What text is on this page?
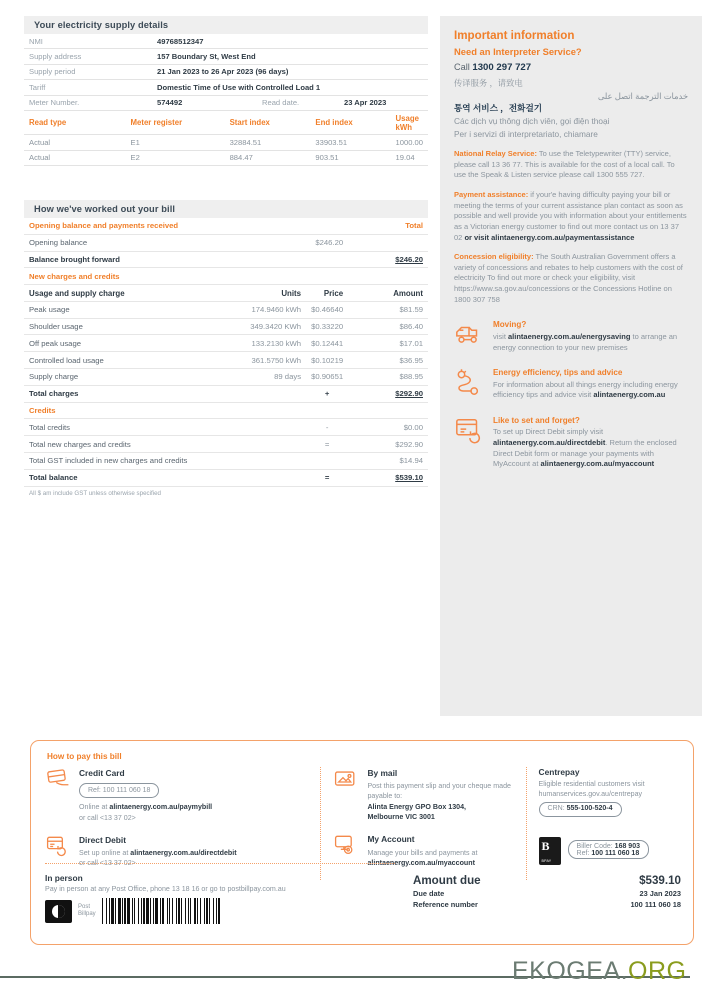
Your electricity supply details
NMI	49768512347		
Supply address	157 Boundary St, West End		
Supply period	21 Jan 2023 to 26 Apr 2023 (96 days)		
Tariff	Domestic Time of Use with Controlled Load 1		
Meter Number.	574492	Read date.	23 Apr 2023
Read type	Meter register	Start index	End index	Usage kWh
Actual	E1	32884.51	33903.51	1000.00
Actual	E2	884.47	903.51	19.04
How we've worked out your bill
Opening balance and payments received			Total
Opening balance		$246.20	
Balance brought forward			$246.20
New charges and credits			
Usage and supply charge	Units	Price	Amount
Peak usage	174.9460 kWh	$0.46640	$81.59
Shoulder usage	349.3420 KWh	$0.33220	$86.40
Off peak usage	133.2130 kWh	$0.12441	$17.01
Controlled load usage	361.5750 kWh	$0.10219	$36.95
Supply charge	89 days	$0.90651	$88.95
Total charges		+	$292.90
Credits			
Total credits		-	$0.00
Total new charges and credits		=	$292.90
Total GST included in new charges and credits			$14.94
Total balance		=	$539.10
All $ am include GST unless otherwise specified
Important information
Need an Interpreter Service?
Call 1300 297 727
传译服务 ，请致电
خدمات الترجمة اتصل على
통역 서비스 ，전화걸기
Các dịch vụ thông dịch viên, gọi điện thoại
Per i servizi di interpretariato, chiamare
National Relay Service: To use the Teletypewriter (TTY) service, please call 13 36 77. This is available for the cost of a local call. To use the Speak & Listen service please call 1300 555 727.
Payment assistance: if your'e having difficulty paying your bill or meeting the terms of your current assistance plan contact as soon as possible and well provide you with information about your entitlements as a Victorian energy customer to find out more contact us on 13 37 02 or visit alintaenergy.com.au/paymentassistance
Concession eligibility: The South Australian Government offers a variety of concessions and rebates to help customers with the cost of electricity To find out more or check your eligibility, visit https://www.sa.gov.au/concessions or the Concessions Hotline on 1800 307 758
Moving?
visit alintaenergy.com.au/energysaving to arrange an energy connection to your new premises
Energy efficiency, tips and advice
For information about all things energy including energy efficiency tips and advice visit alintaenergy.com.au
Like to set and forget?
To set up Direct Debit simply visit alintaenergy.com.au/directdebit. Return the enclosed Direct Debit form or manage your payments with MyAccount at alintaenergy.com.au/myaccount
How to pay this bill
Credit Card
Ref: 100 111 060 18
Online at alintaenergy.com.au/paymybill
or call <13 37 02>
Direct Debit
Set up online at alintaenergy.com.au/directdebit
or call <13 37 02>
By mail
Post this payment slip and your cheque made payable to:
Alinta Energy GPO Box 1304,
Melbourne VIC 3001
My Account
Manage your bills and payments at
alintaenergy.com.au/myaccount
Centrepay
Eligible residential customers visit
humanservices.gov.au/centrepay
CRN: 555-100-520-4
B
BPAY
Biller Code: 168 903
Ref: 100 111 060 18
In person
Pay in person at any Post Office, phone 13 18 16 or go to postbillpay.com.au
Post
Billpay
Amount due	$539.10
Due date	23 Jan 2023
Reference number	100 111 060 18
EKOGEA.ORG
